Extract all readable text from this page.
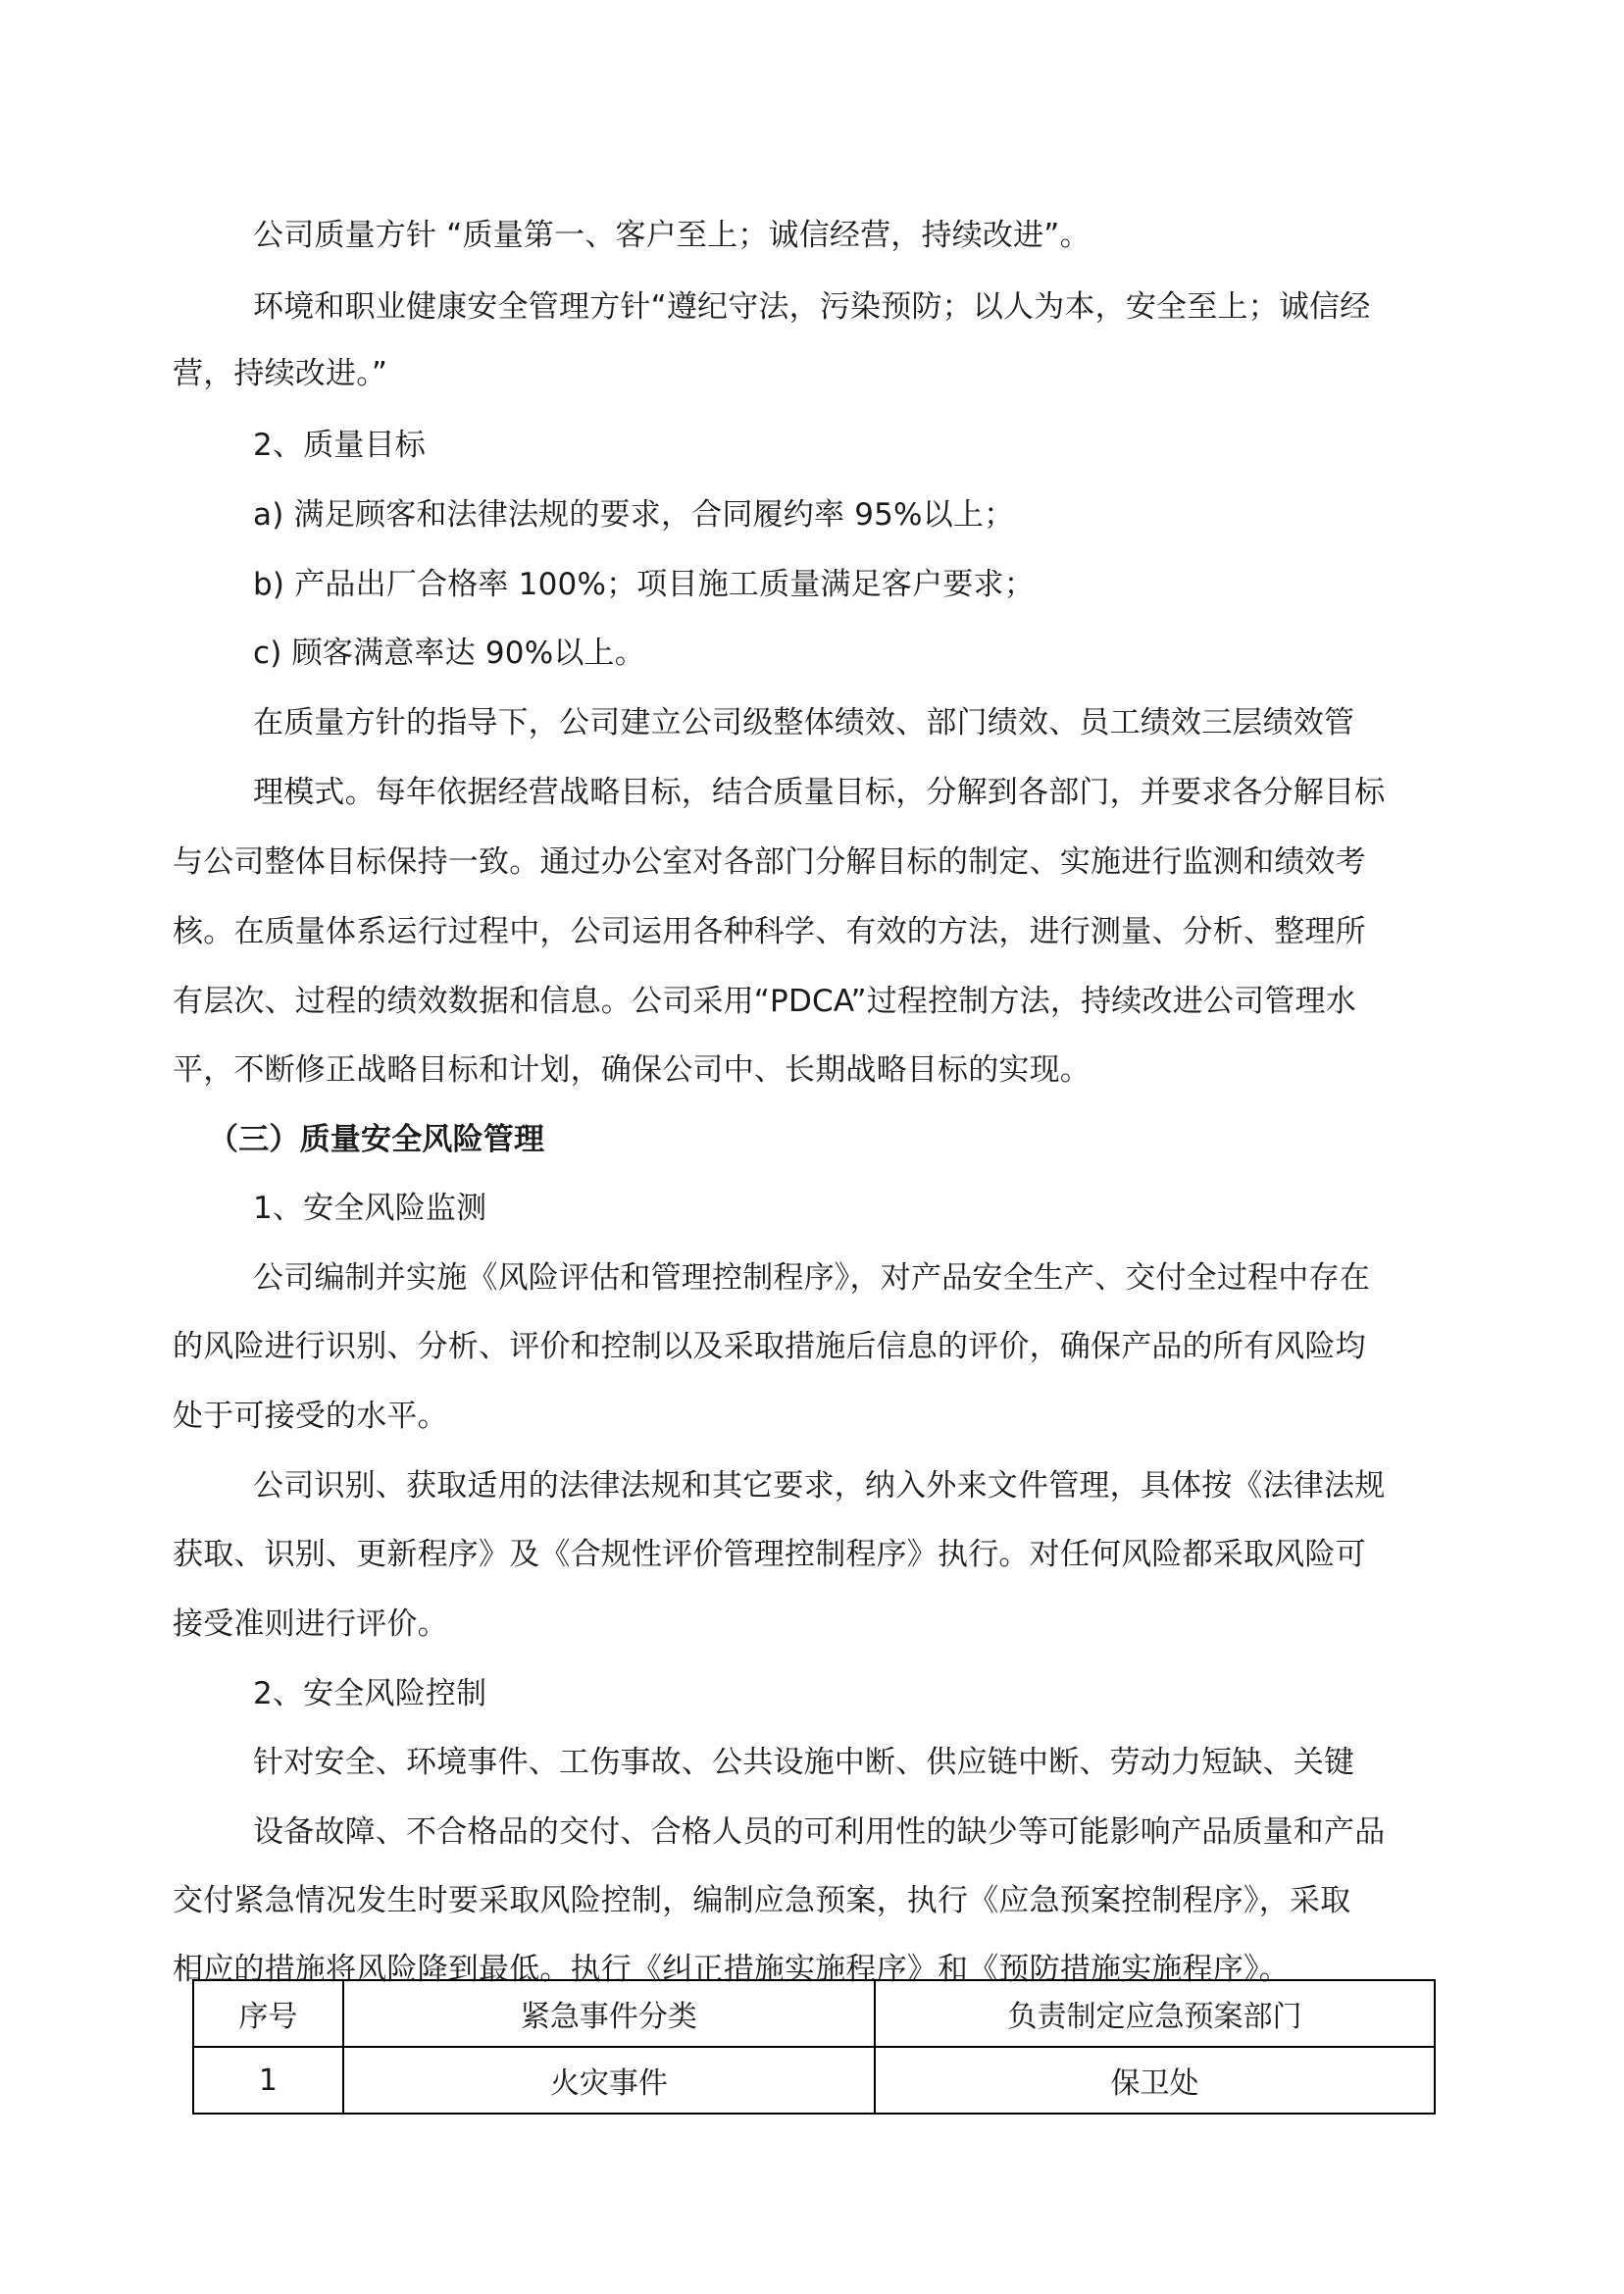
公司质量方针 “质量第一、客户至上；诚信经营，持续改进”。
环境和职业健康安全管理方针“遵纪守法，污染预防；以人为本，安全至上；诚信经
营，持续改进。”
2、质量目标
a) 满足顾客和法律法规的要求，合同履约率 95%以上；
b) 产品出厂合格率 100%；项目施工质量满足客户要求；
c) 顾客满意率达 90%以上。
在质量方针的指导下，公司建立公司级整体绩效、部门绩效、员工绩效三层绩效管
理模式。每年依据经营战略目标，结合质量目标，分解到各部门，并要求各分解目标
与公司整体目标保持一致。通过办公室对各部门分解目标的制定、实施进行监测和绩效考
核。在质量体系运行过程中，公司运用各种科学、有效的方法，进行测量、分析、整理所
有层次、过程的绩效数据和信息。公司采用“PDCA”过程控制方法，持续改进公司管理水
平，不断修正战略目标和计划，确保公司中、长期战略目标的实现。
（三）质量安全风险管理
1、安全风险监测
公司编制并实施《风险评估和管理控制程序》，对产品安全生产、交付全过程中存在
的风险进行识别、分析、评价和控制以及采取措施后信息的评价，确保产品的所有风险均
处于可接受的水平。
公司识别、获取适用的法律法规和其它要求，纳入外来文件管理，具体按《法律法规
获取、识别、更新程序》及《合规性评价管理控制程序》执行。对任何风险都采取风险可
接受准则进行评价。
2、安全风险控制
针对安全、环境事件、工伤事故、公共设施中断、供应链中断、劳动力短缺、关键
设备故障、不合格品的交付、合格人员的可利用性的缺少等可能影响产品质量和产品
交付紧急情况发生时要采取风险控制，编制应急预案，执行《应急预案控制程序》，采取
相应的措施将风险降到最低。执行《纠正措施实施程序》和《预防措施实施程序》。
序号	紧急事件分类	负责制定应急预案部门
1	火灾事件	保卫处
